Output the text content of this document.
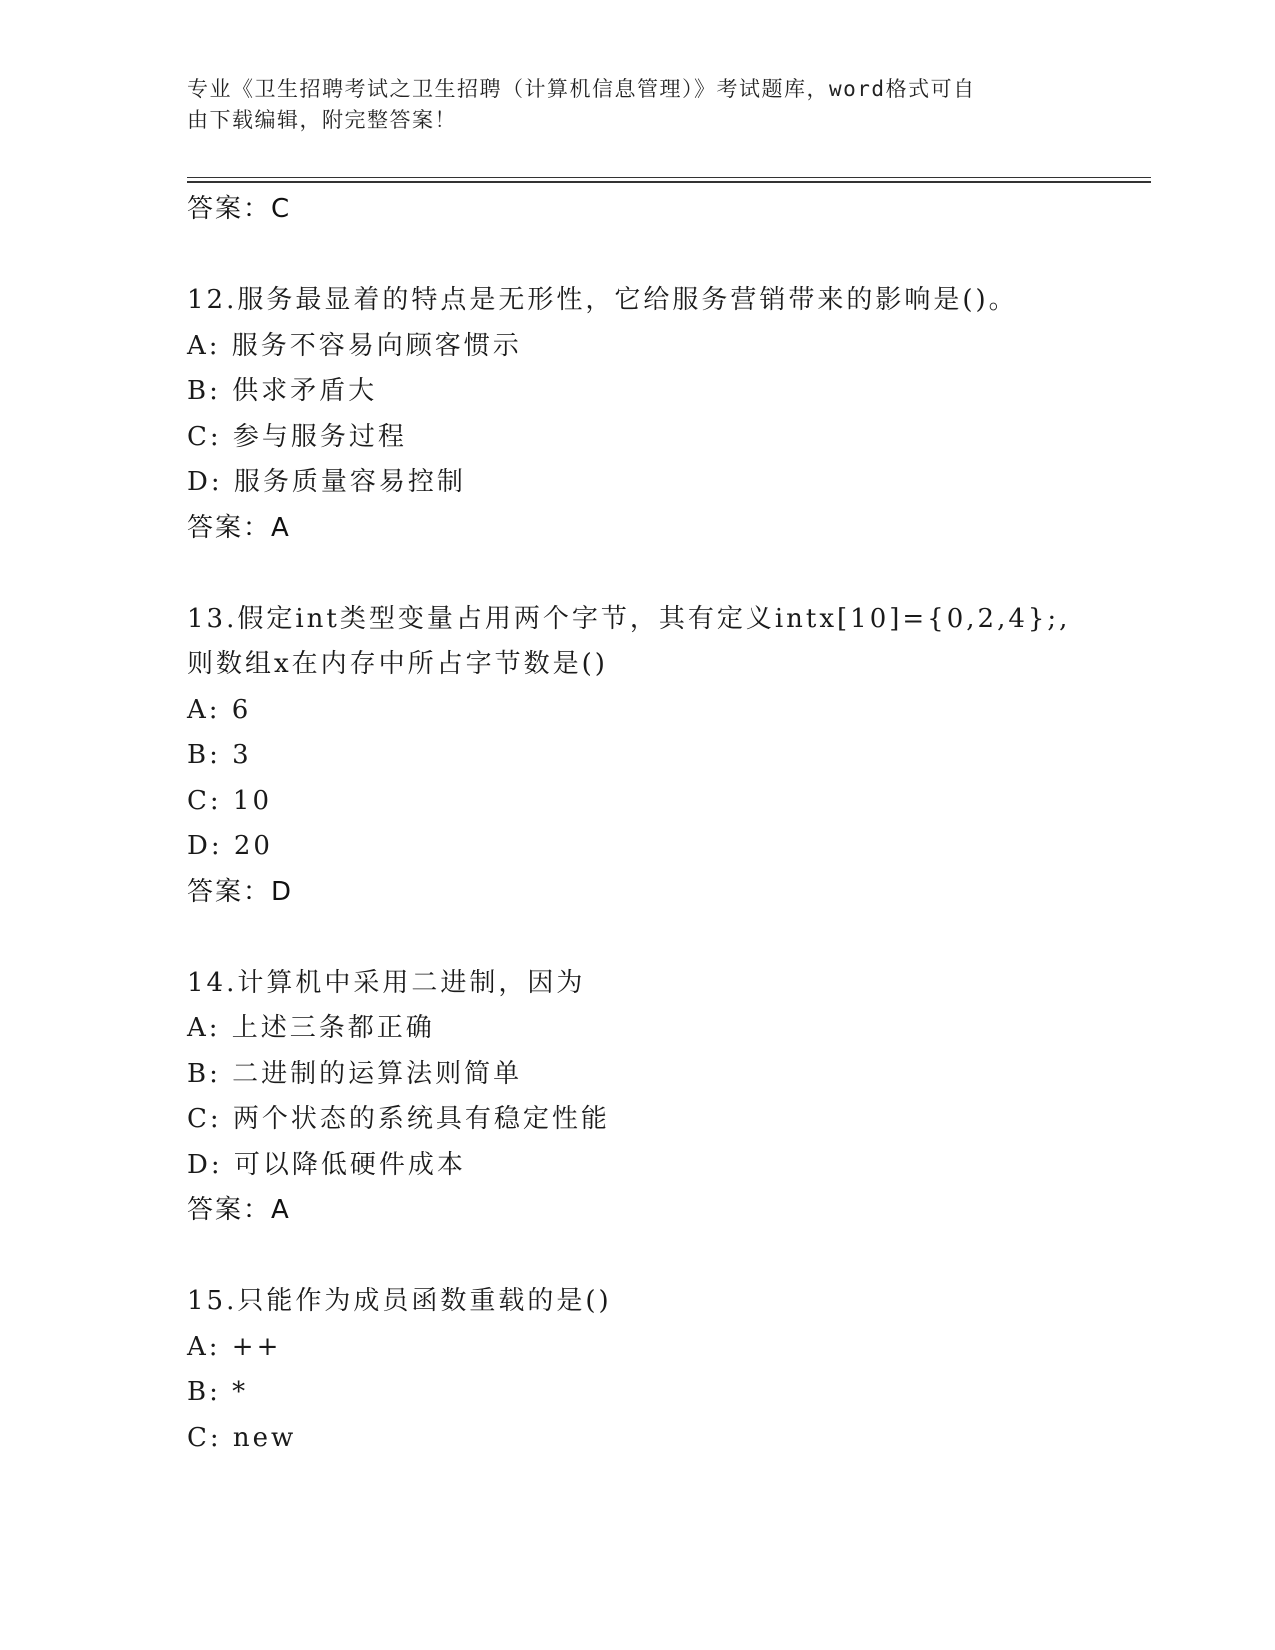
专业《卫生招聘考试之卫生招聘（计算机信息管理）》考试题库，word格式可自
由下载编辑，附完整答案！
答案：C
12.服务最显着的特点是无形性，它给服务营销带来的影响是()。
A: 服务不容易向顾客惯示
B: 供求矛盾大
C: 参与服务过程
D: 服务质量容易控制
答案：A
13.假定int类型变量占用两个字节，其有定义intx[10]={0,2,4};,
则数组x在内存中所占字节数是()
A: 6
B: 3
C: 10
D: 20
答案：D
14.计算机中采用二进制，因为
A: 上述三条都正确
B: 二进制的运算法则简单
C: 两个状态的系统具有稳定性能
D: 可以降低硬件成本
答案：A
15.只能作为成员函数重载的是()
A: ++
B: *
C: new
